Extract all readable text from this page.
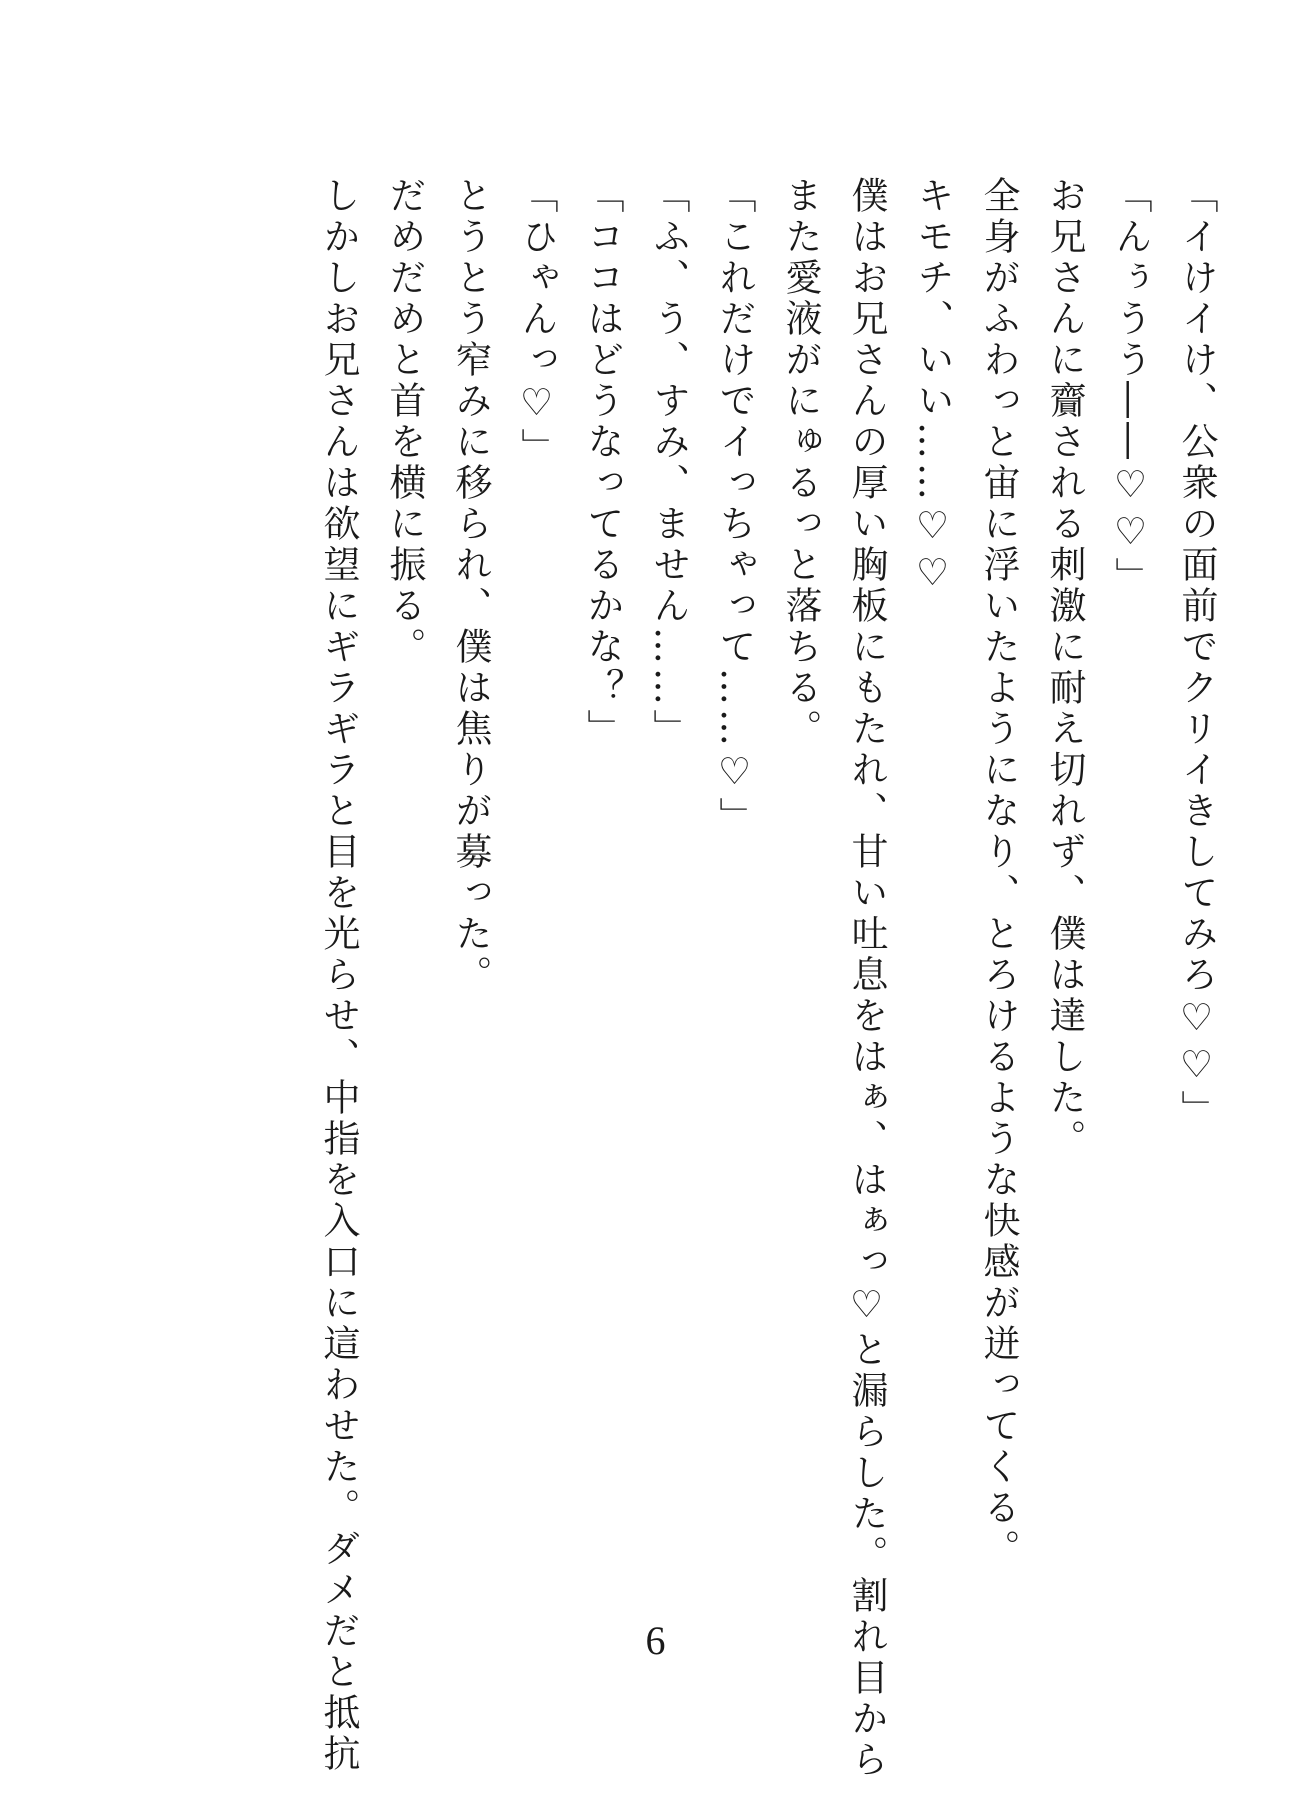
「イけイけ、公衆の面前でクリイきしてみろ♡♡」
「んぅうう――♡♡」
お兄さんに齎される刺激に耐え切れず、僕は達した。
全身がふわっと宙に浮いたようになり、とろけるような快感が迸ってくる。
キモチ、いい……♡♡
僕はお兄さんの厚い胸板にもたれ、甘い吐息をはぁ、はぁっ♡と漏らした。割れ目から
また愛液がにゅるっと落ちる。
「これだけでイっちゃって……♡」
「ふ、う、すみ、ません……」
「ココはどうなってるかな？」
「ひゃんっ♡」
とうとう窄みに移られ、僕は焦りが募った。
だめだめと首を横に振る。
しかしお兄さんは欲望にギラギラと目を光らせ、中指を入口に這わせた。ダメだと抵抗	6
